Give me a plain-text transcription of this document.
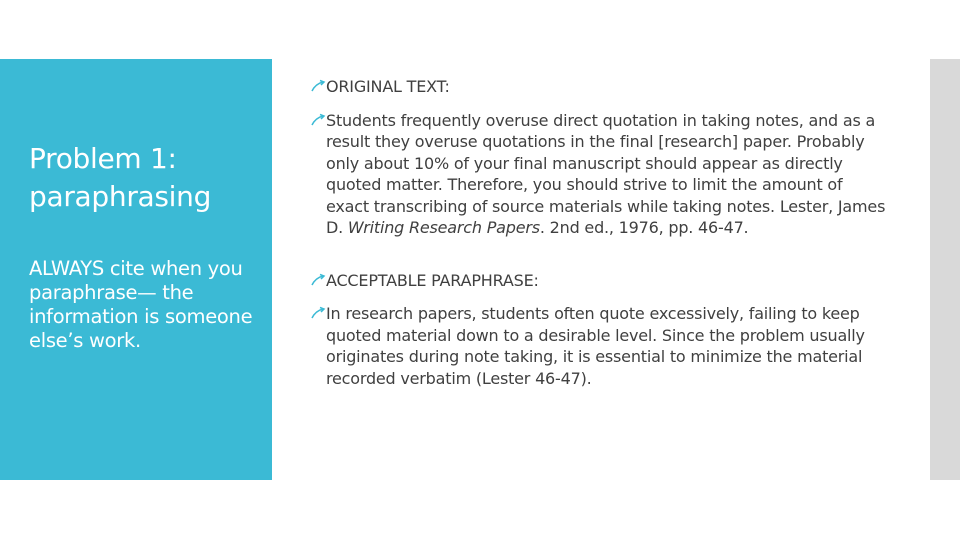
Problem 1: paraphrasing
ALWAYS cite when you paraphrase— the information is someone else’s work.
ORIGINAL TEXT:
Students frequently overuse direct quotation in taking notes, and as a result they overuse quotations in the final [research] paper. Probably only about 10% of your final manuscript should appear as directly quoted matter. Therefore, you should strive to limit the amount of exact transcribing of source materials while taking notes. Lester, James D. Writing Research Papers. 2nd ed., 1976, pp. 46-47.
ACCEPTABLE PARAPHRASE:
In research papers, students often quote excessively, failing to keep quoted material down to a desirable level. Since the problem usually originates during note taking, it is essential to minimize the material recorded verbatim (Lester 46-47).
